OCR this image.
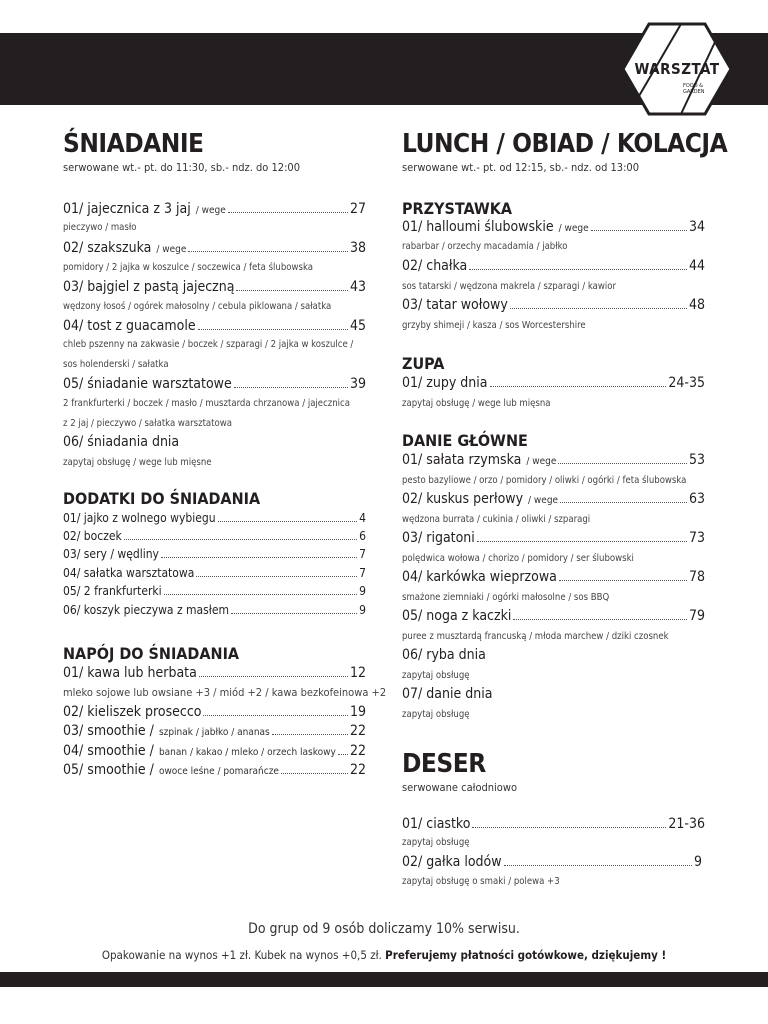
WARSZTAT
FOOD & GARDEN
ŚNIADANIE
serwowane wt.- pt. do 11:30, sb.- ndz. do 12:00
01/ jajecznica z 3 jaj / wege	27
pieczywo / masło
02/ szakszuka / wege	38
pomidory / 2 jajka w koszulce / soczewica / feta ślubowska
03/ bajgiel z pastą jajeczną	43
wędzony łosoś / ogórek małosolny / cebula piklowana / sałatka
04/ tost z guacamole	45
chleb pszenny na zakwasie / boczek / szparagi / 2 jajka w koszulce /
sos holenderski / sałatka
05/ śniadanie warsztatowe	39
2 frankfurterki / boczek / masło / musztarda chrzanowa / jajecznica
z 2 jaj / pieczywo / sałatka warsztatowa
06/ śniadania dnia
zapytaj obsługę / wege lub mięsne
DODATKI DO ŚNIADANIA
01/ jajko z wolnego wybiegu	4
02/ boczek	6
03/ sery / wędliny	7
04/ sałatka warsztatowa	7
05/ 2 frankfurterki	9
06/ koszyk pieczywa z masłem	9
NAPÓJ DO ŚNIADANIA
01/ kawa lub herbata	12
mleko sojowe lub owsiane +3 / miód +2 / kawa bezkofeinowa +2
02/ kieliszek prosecco	19
03/ smoothie / szpinak / jabłko / ananas	22
04/ smoothie / banan / kakao / mleko / orzech laskowy 22
05/ smoothie / owoce leśne / pomarańcze	22
LUNCH / OBIAD / KOLACJA
serwowane wt.- pt. od 12:15, sb.- ndz. od 13:00
PRZYSTAWKA
01/ halloumi ślubowskie / wege	34
rabarbar / orzechy macadamia / jabłko
02/ chałka	44
sos tatarski / wędzona makrela / szparagi / kawior
03/ tatar wołowy	48
grzyby shimeji / kasza / sos Worcestershire
ZUPA
01/ zupy dnia	24-35
zapytaj obsługę / wege lub mięsna
DANIE GŁÓWNE
01/ sałata rzymska / wege	53
pesto bazyliowe / orzo / pomidory / oliwki / ogórki / feta ślubowska
02/ kuskus perłowy / wege	63
wędzona burrata / cukinia / oliwki / szparagi
03/ rigatoni	73
polędwica wołowa / chorizo / pomidory / ser ślubowski
04/ karkówka wieprzowa	78
smażone ziemniaki / ogórki małosolne / sos BBQ
05/ noga z kaczki	79
puree z musztardą francuską / młoda marchew / dziki czosnek
06/ ryba dnia
zapytaj obsługę
07/ danie dnia
zapytaj obsługę
DESER
serwowane całodniowo
01/ ciastko	21-36
zapytaj obsługę
02/ gałka lodów	9
zapytaj obsługę o smaki / polewa +3
Do grup od 9 osób doliczamy 10% serwisu.
Opakowanie na wynos +1 zł. Kubek na wynos +0,5 zł. Preferujemy płatności gotówkowe, dziękujemy !
